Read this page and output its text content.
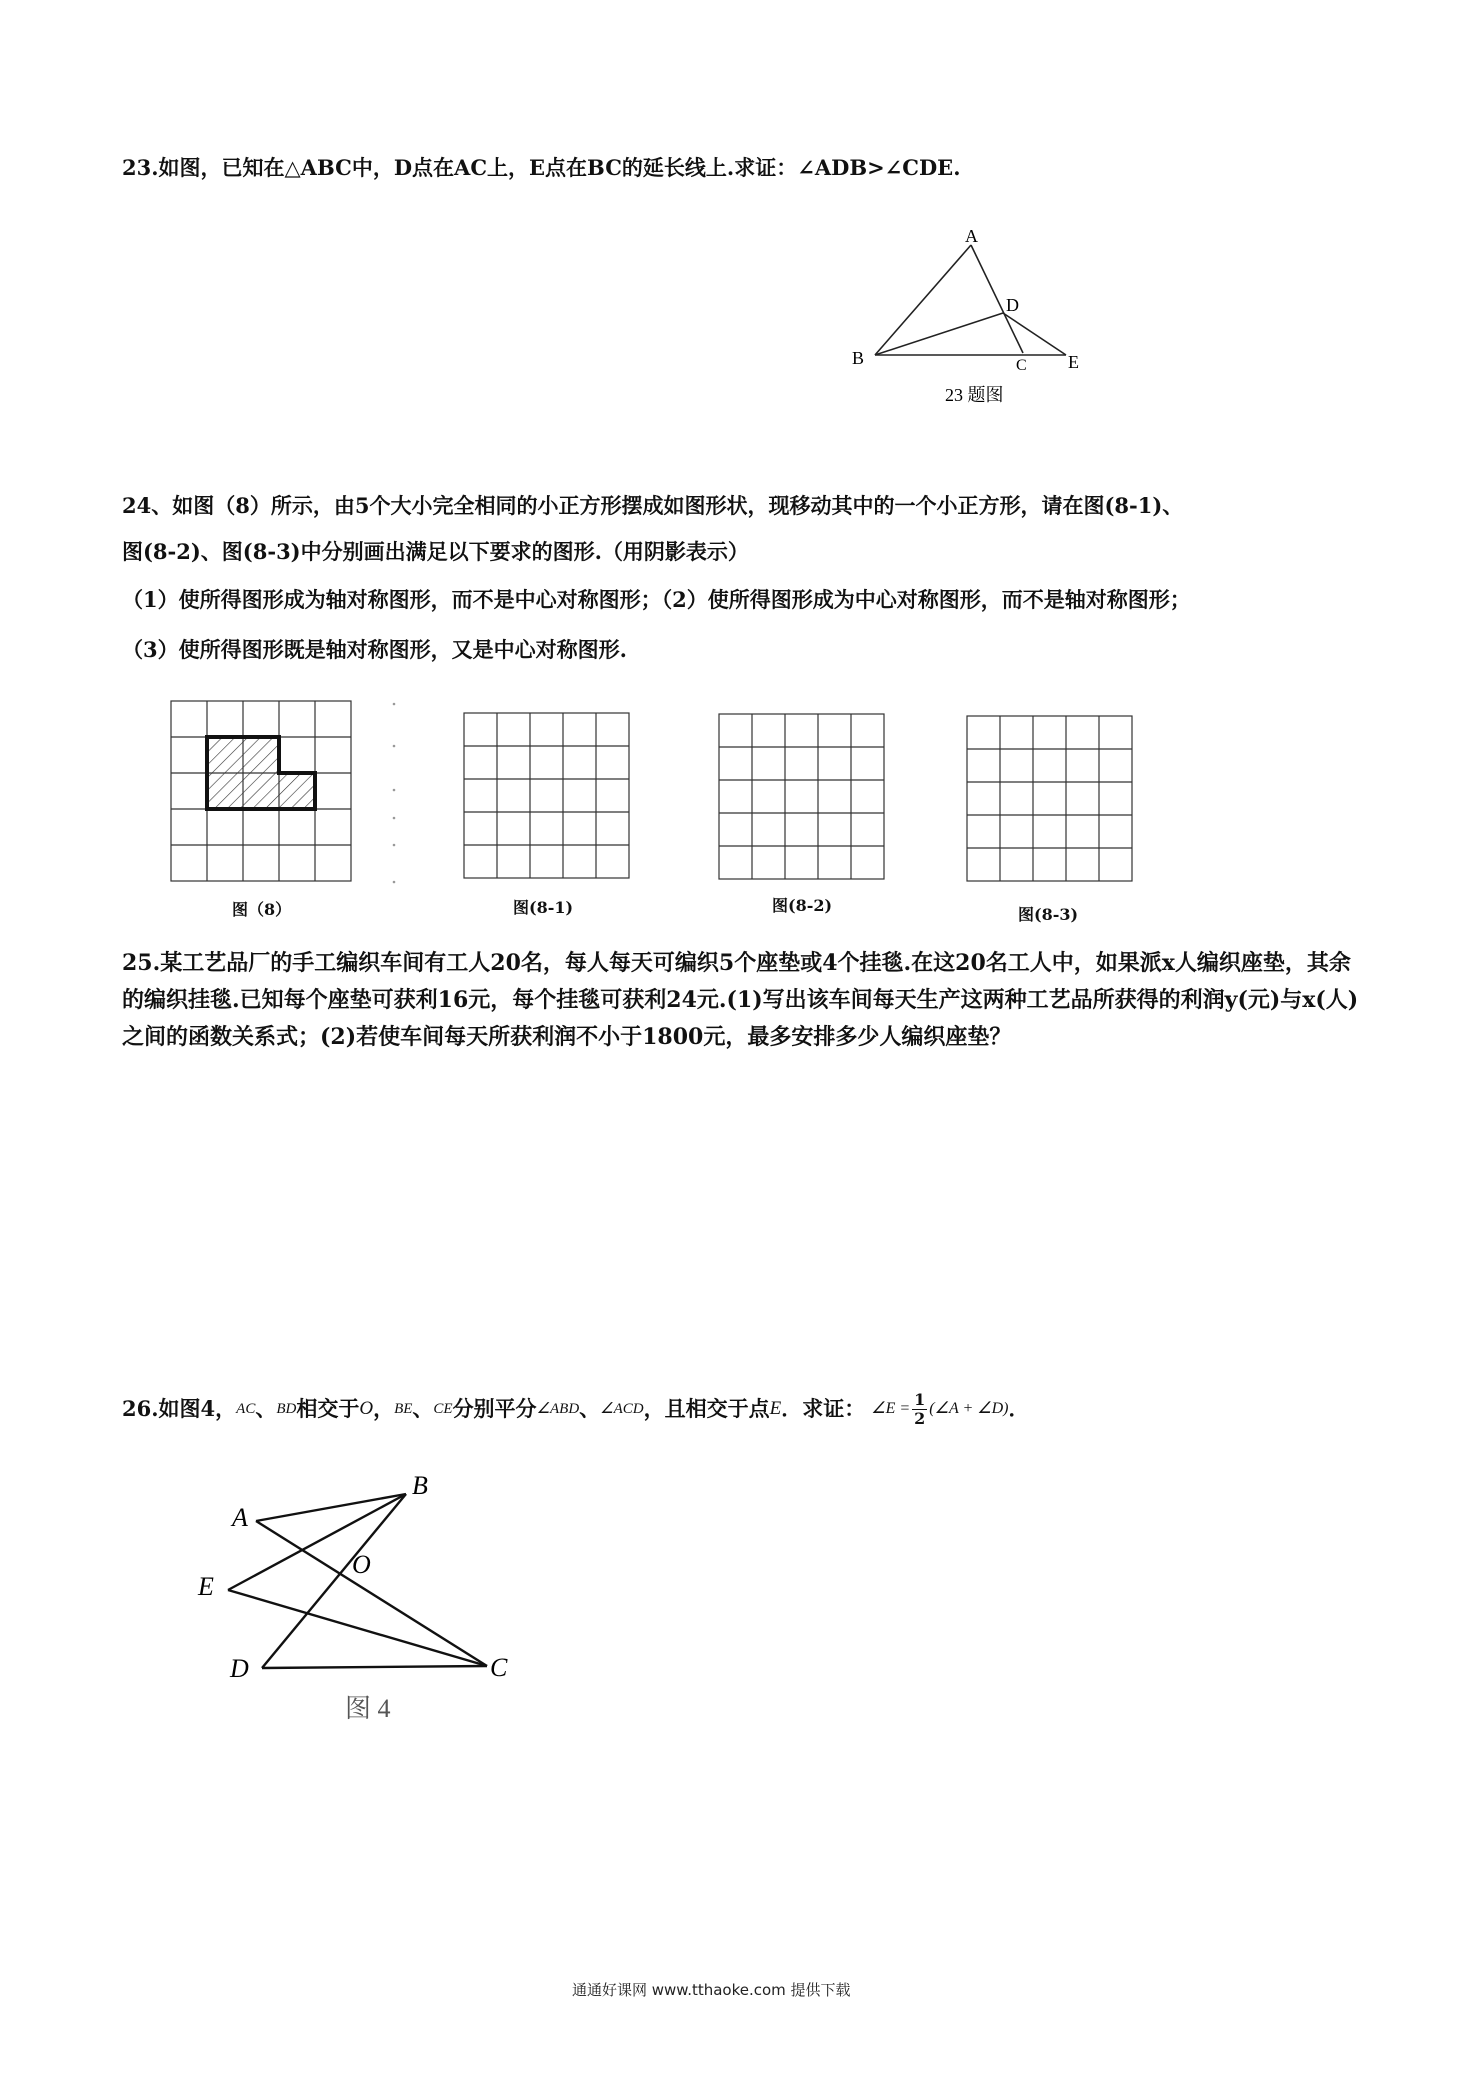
23.如图，已知在△ABC中，D点在AC上，E点在BC的延长线上.求证：∠ADB>∠CDE.
A
B	C
D
E
23 题图
24、如图（8）所示，由5个大小完全相同的小正方形摆成如图形状，现移动其中的一个小正方形，请在图(8-1)、
图(8-2)、图(8-3)中分别画出满足以下要求的图形.（用阴影表示）
（1）使所得图形成为轴对称图形，而不是中心对称图形；（2）使所得图形成为中心对称图形，而不是轴对称图形；
（3）使所得图形既是轴对称图形，又是中心对称图形.
图（8）	图(8-1)	图(8-2)	图(8-3)
25.某工艺品厂的手工编织车间有工人20名，每人每天可编织5个座垫或4个挂毯.在这20名工人中，如果派x人编织座垫，其余的编织挂毯.已知每个座垫可获利16元，每个挂毯可获利24元.(1)写出该车间每天生产这两种工艺品所获得的利润y(元)与x(人)之间的函数关系式；(2)若使车间每天所获利润不小于1800元，最多安排多少人编织座垫？
26.如图4， AC 、 BD 相交于 O ， BE 、 CE 分别平分 ∠ABD 、 ∠ACD ，且相交于点 E ．求证： ∠E = $\frac{1}{2}$ (∠A + ∠D) ．
A
B
O
E
D	C
图 4
通通好课网 www.tthaoke.com 提供下载
